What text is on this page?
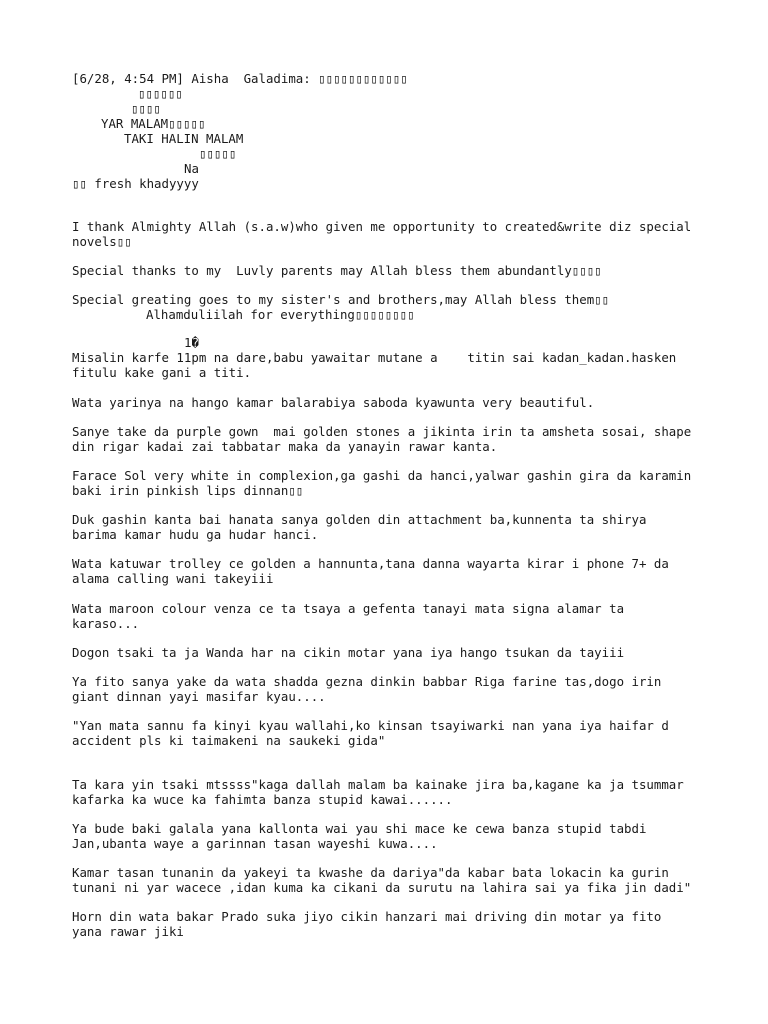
[6/28, 4:54 PM] Aisha  Galadima: ▯▯▯▯▯▯▯▯▯▯▯▯
▯▯▯▯▯▯
▯▯▯▯
YAR MALAM▯▯▯▯▯
TAKI HALIN MALAM
▯▯▯▯▯
Na
▯▯ fresh khadyyyy
I thank Almighty Allah (s.a.w)who given me opportunity to created&write diz special
novels▯▯
Special thanks to my  Luvly parents may Allah bless them abundantly▯▯▯▯
Special greating goes to my sister's and brothers,may Allah bless them▯▯
Alhamduliilah for everything▯▯▯▯▯▯▯▯
1�
Misalin karfe 11pm na dare,babu yawaitar mutane a    titin sai kadan_kadan.hasken
fitulu kake gani a titi.
Wata yarinya na hango kamar balarabiya saboda kyawunta very beautiful.
Sanye take da purple gown  mai golden stones a jikinta irin ta amsheta sosai, shape
din rigar kadai zai tabbatar maka da yanayin rawar kanta.
Farace Sol very white in complexion,ga gashi da hanci,yalwar gashin gira da karamin
baki irin pinkish lips dinnan▯▯
Duk gashin kanta bai hanata sanya golden din attachment ba,kunnenta ta shirya
barima kamar hudu ga hudar hanci.
Wata katuwar trolley ce golden a hannunta,tana danna wayarta kirar i phone 7+ da
alama calling wani takeyiii
Wata maroon colour venza ce ta tsaya a gefenta tanayi mata signa alamar ta
karaso...
Dogon tsaki ta ja Wanda har na cikin motar yana iya hango tsukan da tayiii
Ya fito sanya yake da wata shadda gezna dinkin babbar Riga farine tas,dogo irin
giant dinnan yayi masifar kyau....
"Yan mata sannu fa kinyi kyau wallahi,ko kinsan tsayiwarki nan yana iya haifar d
accident pls ki taimakeni na saukeki gida"
Ta kara yin tsaki mtssss"kaga dallah malam ba kainake jira ba,kagane ka ja tsummar
kafarka ka wuce ka fahimta banza stupid kawai......
Ya bude baki galala yana kallonta wai yau shi mace ke cewa banza stupid tabdi
Jan,ubanta waye a garinnan tasan wayeshi kuwa....
Kamar tasan tunanin da yakeyi ta kwashe da dariya"da kabar bata lokacin ka gurin
tunani ni yar wacece ,idan kuma ka cikani da surutu na lahira sai ya fika jin dadi"
Horn din wata bakar Prado suka jiyo cikin hanzari mai driving din motar ya fito
yana rawar jiki
